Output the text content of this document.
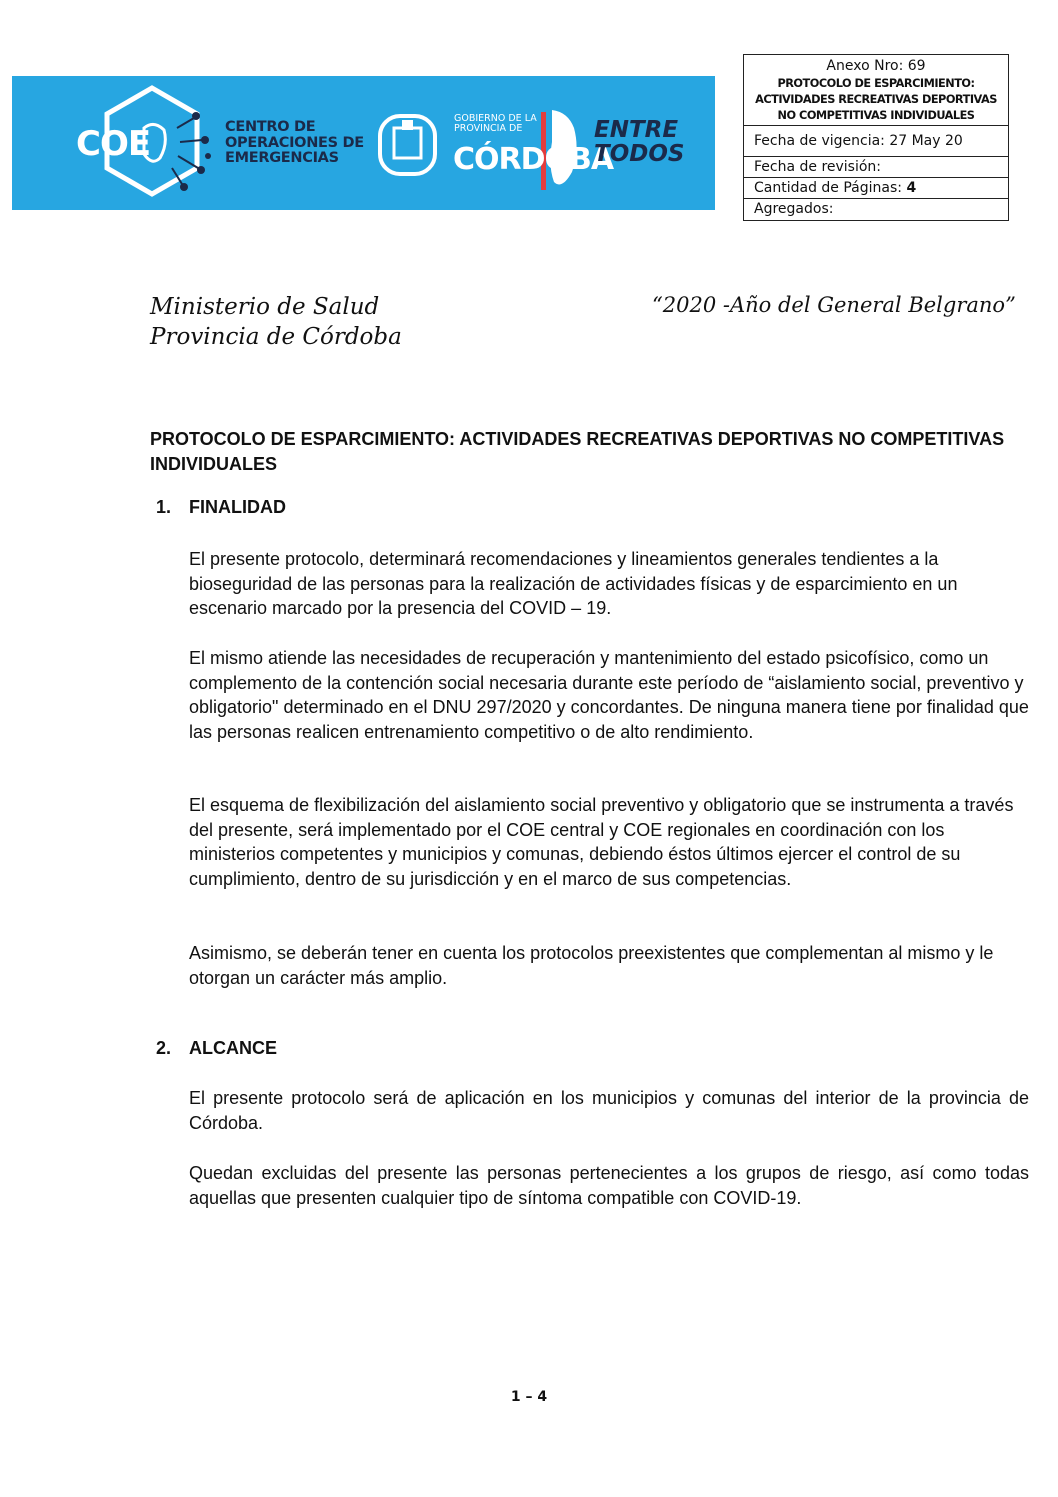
COE	CENTRO DE
OPERACIONES DE
EMERGENCIAS
GOBIERNO DE LA
PROVINCIA DE
CÓRDOBA
ENTRE
TODOS
Anexo Nro: 69
PROTOCOLO DE ESPARCIMIENTO: ACTIVIDADES RECREATIVAS DEPORTIVAS NO COMPETITIVAS INDIVIDUALES
Fecha de vigencia: 27 May 20
Fecha de revisión:
Cantidad de Páginas: 4
Agregados:
Ministerio de Salud
Provincia de Córdoba
“2020 -Año del General Belgrano”
PROTOCOLO DE ESPARCIMIENTO: ACTIVIDADES RECREATIVAS DEPORTIVAS NO COMPETITIVAS INDIVIDUALES
1. FINALIDAD
El presente protocolo, determinará recomendaciones y lineamientos generales tendientes a la bioseguridad de las personas para la realización de actividades físicas y de esparcimiento en un escenario marcado por la presencia del COVID – 19.
El mismo atiende las necesidades de recuperación y mantenimiento del estado psicofísico, como un complemento de la contención social necesaria durante este período de “aislamiento social, preventivo y obligatorio" determinado en el DNU 297/2020 y concordantes. De ninguna manera tiene por finalidad que las personas realicen entrenamiento competitivo o de alto rendimiento.
El esquema de flexibilización del aislamiento social preventivo y obligatorio que se instrumenta a través del presente, será implementado por el COE central y COE regionales en coordinación con los ministerios competentes y municipios y comunas, debiendo éstos últimos ejercer el control de su cumplimiento, dentro de su jurisdicción y en el marco de sus competencias.
Asimismo, se deberán tener en cuenta los protocolos preexistentes que complementan al mismo y le otorgan un carácter más amplio.
2. ALCANCE
El presente protocolo será de aplicación en los municipios y comunas del interior de la provincia de Córdoba.
Quedan excluidas del presente las personas pertenecientes a los grupos de riesgo, así como todas aquellas que presenten cualquier tipo de síntoma compatible con COVID-19.
1 – 4
